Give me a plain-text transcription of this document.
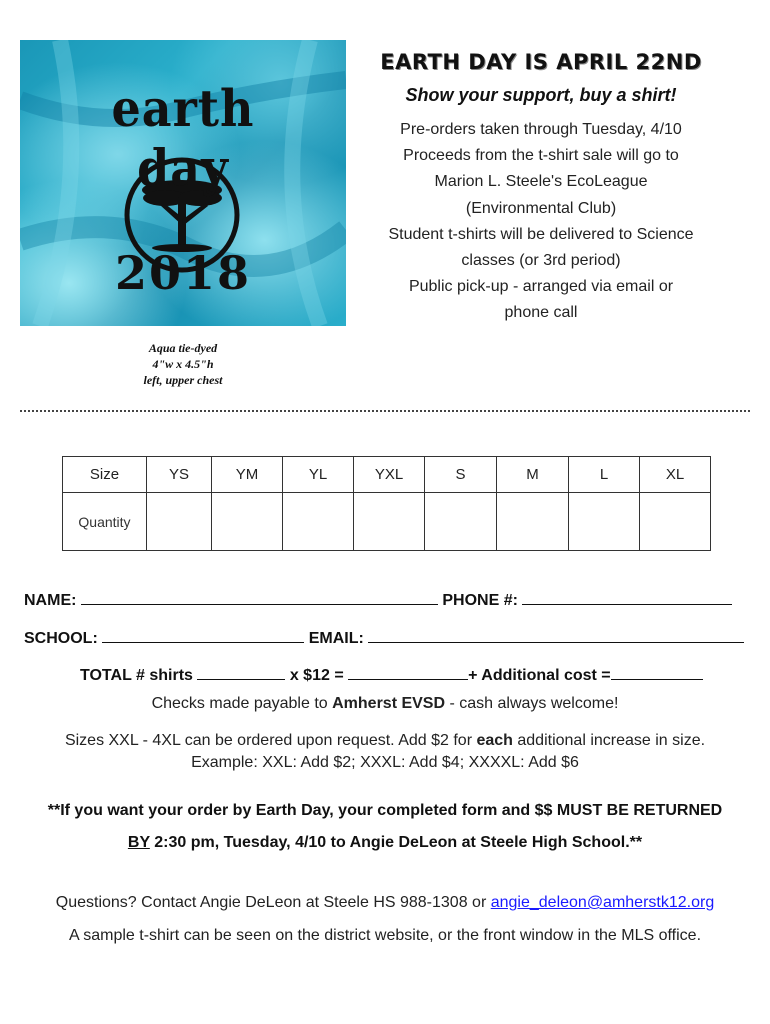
earth day
2018
Aqua tie-dyed
4"w x 4.5"h
left, upper chest
EARTH DAY IS APRIL 22ND
Show your support, buy a shirt!
Pre-orders taken through Tuesday, 4/10
Proceeds from the t-shirt sale will go to
Marion L. Steele's EcoLeague
(Environmental Club)
Student t-shirts will be delivered to Science
classes (or 3rd period)
Public pick-up - arranged via email or
phone call
Size	YS	YM	YL	YXL	S	M	L	XL
Quantity								
NAME:	PHONE #:
SCHOOL:	EMAIL:
TOTAL # shirts	x $12 =	+ Additional cost =
Checks made payable to Amherst EVSD - cash always welcome!
Sizes XXL - 4XL can be ordered upon request. Add $2 for each additional increase in size.
Example: XXL: Add $2; XXXL: Add $4; XXXXL: Add $6
**If you want your order by Earth Day, your completed form and $$ MUST BE RETURNED
BY 2:30 pm, Tuesday, 4/10 to Angie DeLeon at Steele High School.**
Questions? Contact Angie DeLeon at Steele HS 988-1308 or angie_deleon@amherstk12.org
A sample t-shirt can be seen on the district website, or the front window in the MLS office.
